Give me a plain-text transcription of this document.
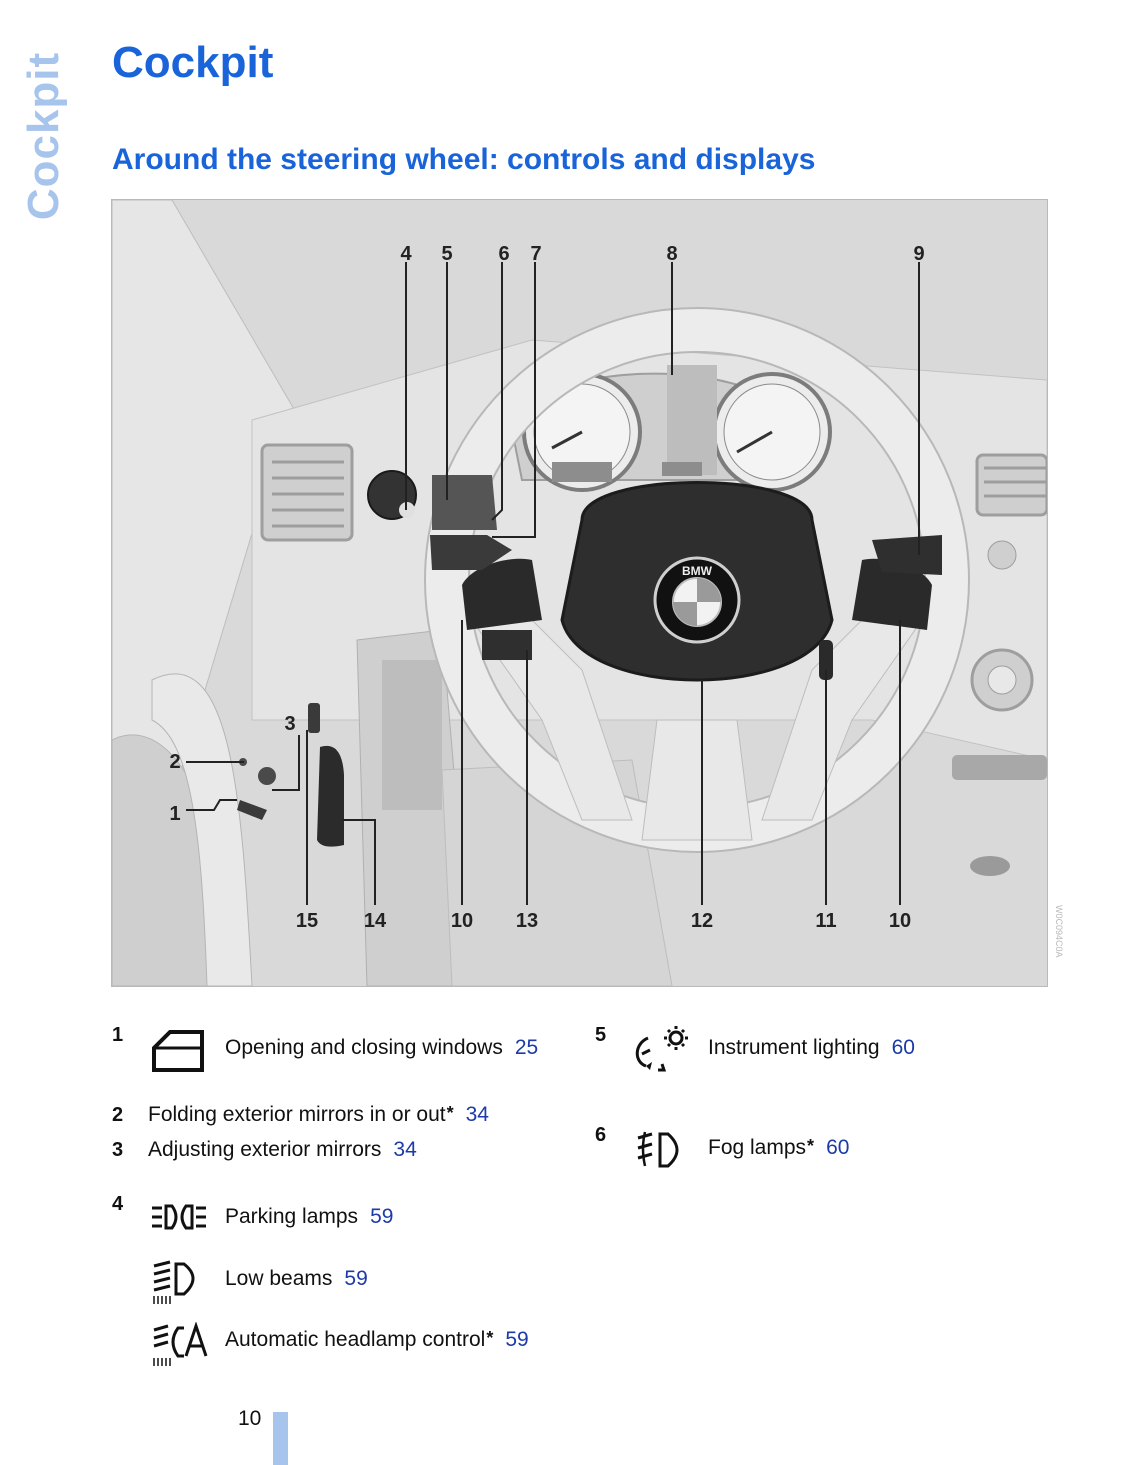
Cockpit Cockpit
Around the steering wheel: controls and displays
BMW
4 5 6 7	8	9
15 14	10 13	12	11	10
3
2
1
W0C094C0A
1
Opening and closing windows 25
2 Folding exterior mirrors in or out* 34
3 Adjusting exterior mirrors 34
4
Parking lamps 59
Low beams 59
Automatic headlamp control* 59
5
Instrument lighting 60
6
Fog lamps* 60
10
